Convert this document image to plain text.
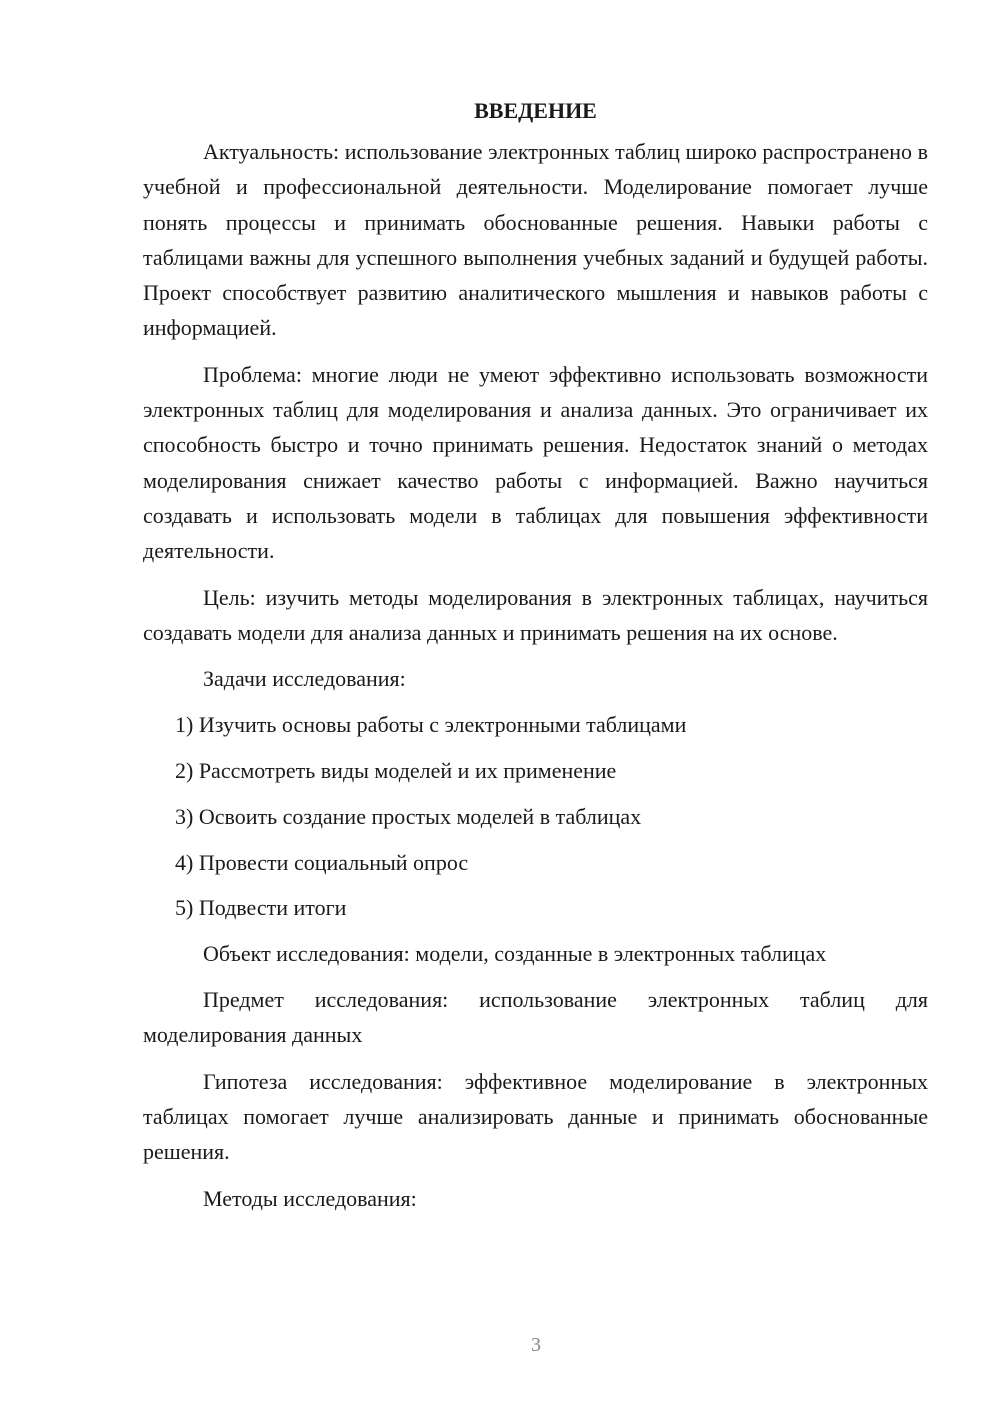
ВВЕДЕНИЕ

Актуальность: использование электронных таблиц широко распространено в учебной и профессиональной деятельности. Моделирование помогает лучше понять процессы и принимать обоснованные решения. Навыки работы с таблицами важны для успешного выполнения учебных заданий и будущей работы. Проект способствует развитию аналитического мышления и навыков работы с информацией.

Проблема: многие люди не умеют эффективно использовать возможности электронных таблиц для моделирования и анализа данных. Это ограничивает их способность быстро и точно принимать решения. Недостаток знаний о методах моделирования снижает качество работы с информацией. Важно научиться создавать и использовать модели в таблицах для повышения эффективности деятельности.

Цель: изучить методы моделирования в электронных таблицах, научиться создавать модели для анализа данных и принимать решения на их основе.

Задачи исследования:

1) Изучить основы работы с электронными таблицами
2) Рассмотреть виды моделей и их применение
3) Освоить создание простых моделей в таблицах
4) Провести социальный опрос
5) Подвести итоги

Объект исследования: модели, созданные в электронных таблицах

Предмет исследования: использование электронных таблиц для моделирования данных

Гипотеза исследования: эффективное моделирование в электронных таблицах помогает лучше анализировать данные и принимать обоснованные решения.

Методы исследования:

3
